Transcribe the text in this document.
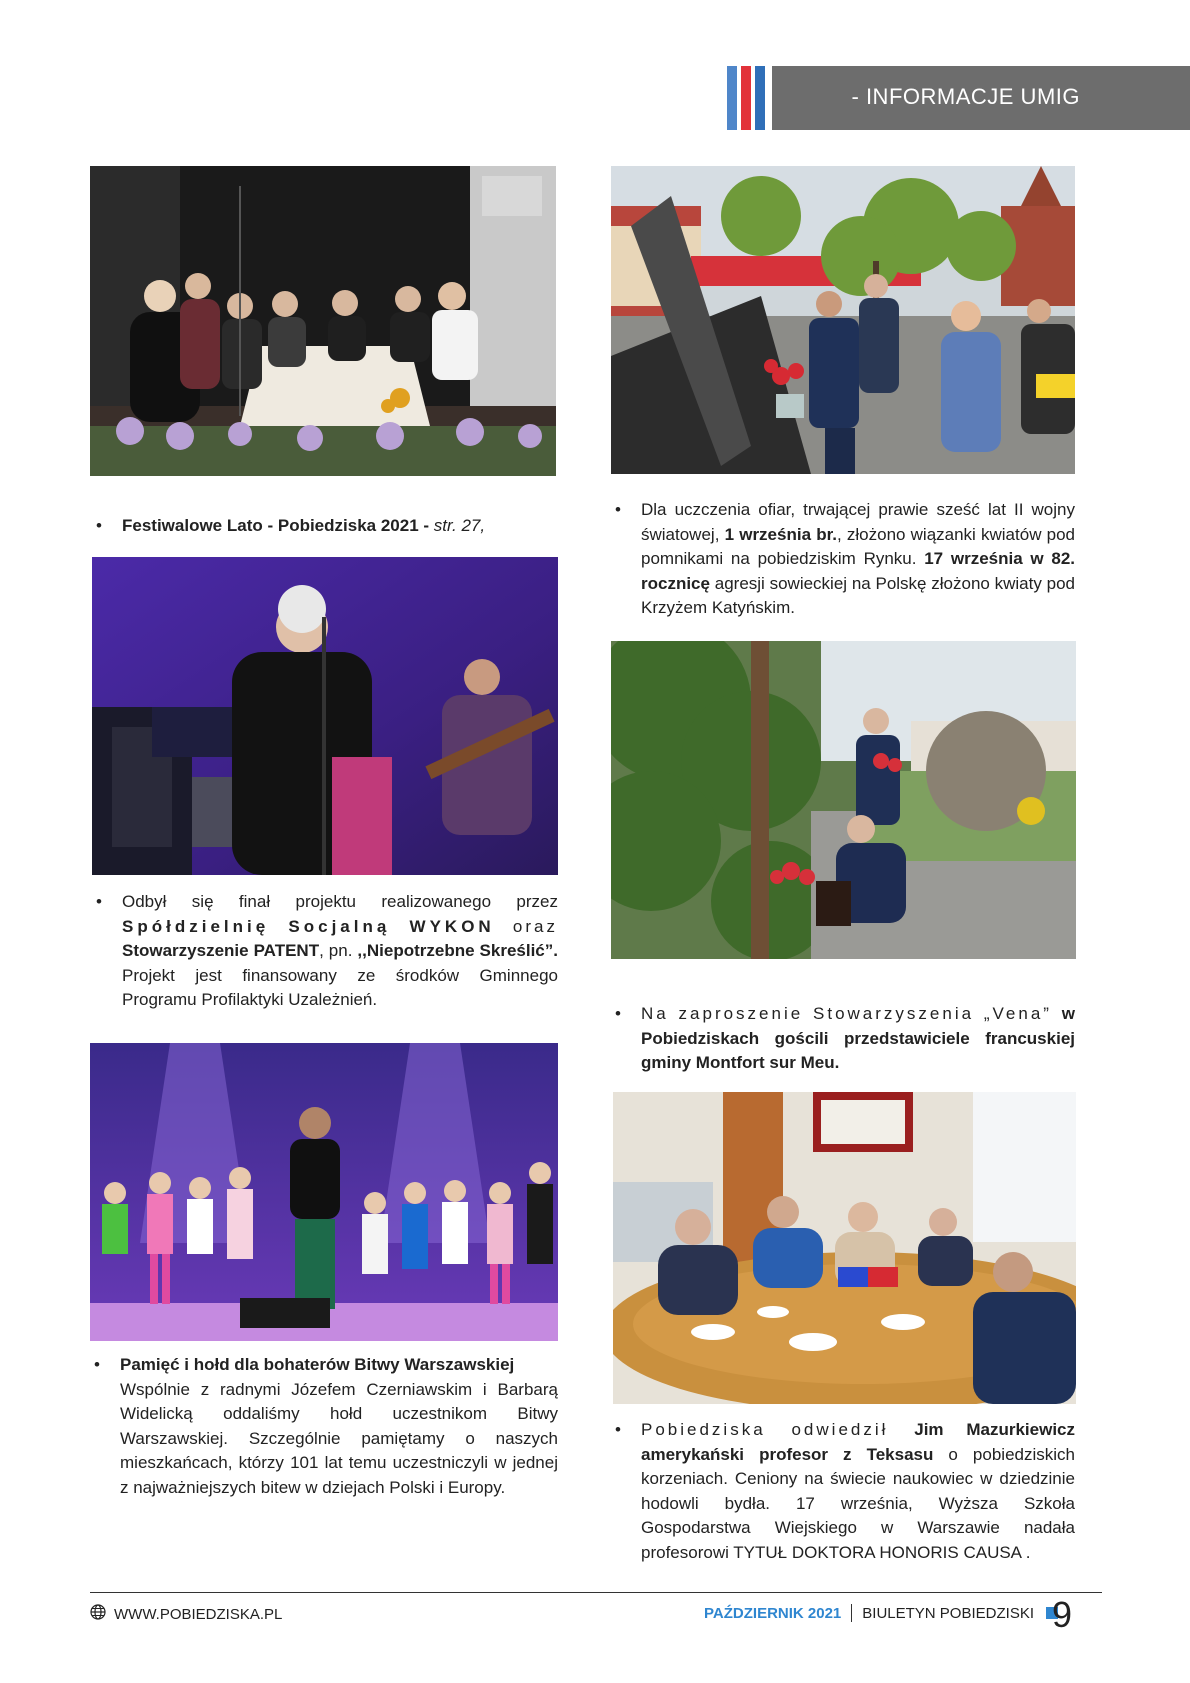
- INFORMACJE UMIG
• Festiwalowe Lato - Pobiedziska 2021 - str. 27,
• Dla uczczenia ofiar, trwającej prawie sześć lat II wojny światowej, 1 września br., złożono wiązanki kwiatów pod pomnikami na pobiedziskim Rynku. 17 września w 82. rocznicę agresji sowieckiej na Polskę złożono kwiaty pod Krzyżem Katyńskim.
• Odbył się finał projektu realizowanego przez Spółdzielnię Socjalną WYKON oraz Stowarzyszenie PATENT, pn. ,,Niepotrzebne Skreślić”. Projekt jest finansowany ze środków Gminnego Programu Profilaktyki Uzależnień.
• Na zaproszenie Stowarzyszenia „Vena” w Pobiedziskach gościli przedstawiciele francuskiej gminy Montfort sur Meu.
• Pamięć i hołd dla bohaterów Bitwy Warszawskiej
Wspólnie z radnymi Józefem Czerniawskim i Barbarą Widelicką oddaliśmy hołd uczestnikom Bitwy Warszawskiej. Szczególnie pamiętamy o naszych mieszkańcach, którzy 101 lat temu uczestniczyli w jednej z najważniejszych bitew w dziejach Polski i Europy.
• Pobiedziska odwiedził Jim Mazurkiewicz amerykański profesor z Teksasu o pobiedziskich korzeniach. Ceniony na świecie naukowiec w dziedzinie hodowli bydła. 17 września, Wyższa Szkoła Gospodarstwa Wiejskiego w Warszawie nadała profesorowi TYTUŁ DOKTORA HONORIS CAUSA .
WWW.POBIEDZISKA.PL	PAŹDZIERNIK 2021 BIULETYN POBIEDZISKI 9
